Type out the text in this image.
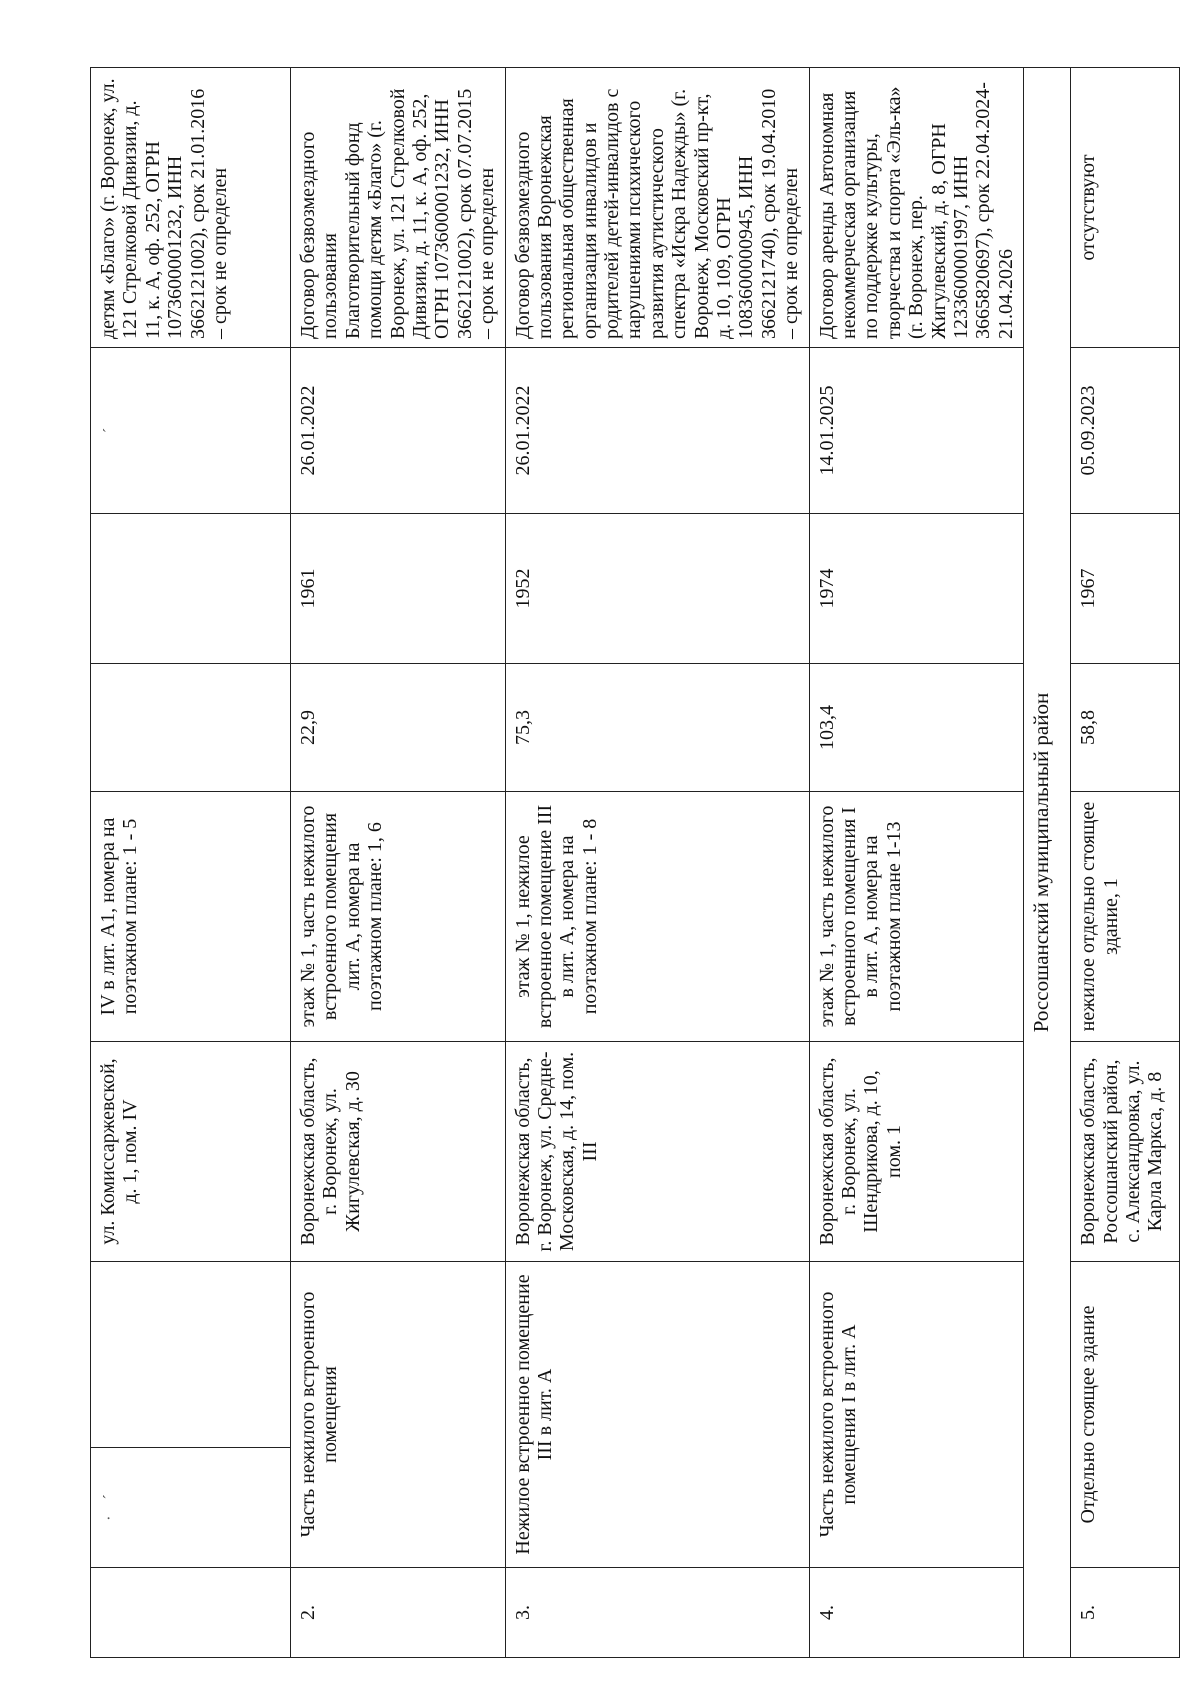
	·    ´		ул. Комиссаржевской, д. 1, пом. IV	IV в лит. А1, номера на поэтажном плане: 1 - 5			´	детям «Благо» (г. Воронеж, ул. 121 Стрелковой Дивизии, д. 11, к. А, оф. 252, ОГРН 1073600001232, ИНН 3662121002), срок 21.01.2016 – срок не определен
2.	Часть нежилого встроенного помещения		Воронежская область, г. Воронеж, ул. Жигулевская, д. 30	этаж № 1, часть нежилого встроенного помещения лит. А, номера на поэтажном плане: 1, 6	22,9	1961	26.01.2022	Договор безвозмездного пользования Благотворительный фонд помощи детям «Благо» (г. Воронеж, ул. 121 Стрелковой Дивизии, д. 11, к. А, оф. 252, ОГРН 1073600001232, ИНН 3662121002), срок 07.07.2015 – срок не определен
3.	Нежилое встроенное помещение III в лит. А		Воронежская область, г. Воронеж, ул. Средне-Московская, д. 14, пом. III	этаж № 1, нежилое встроенное помещение III в лит. А, номера на поэтажном плане: 1 - 8	75,3	1952	26.01.2022	Договор безвозмездного пользования Воронежская региональная общественная организация инвалидов и родителей детей-инвалидов с нарушениями психического развития аутистического спектра «Искра Надежды» (г. Воронеж, Московский пр-кт, д. 10, 109, ОГРН 1083600000945, ИНН 3662121740), срок 19.04.2010 – срок не определен
4.	Часть нежилого встроенного помещения I в лит. А		Воронежская область, г. Воронеж, ул. Шендрикова, д. 10, пом. 1	этаж № 1, часть нежилого встроенного помещения I в лит. А, номера на поэтажном плане 1-13	103,4	1974	14.01.2025	Договор аренды Автономная некоммерческая организация по поддержке культуры, творчества и спорта «Эль-ка» (г. Воронеж, пер. Жигулевский, д. 8, ОГРН 1233600001997, ИНН 3665820697), срок 22.04.2024-21.04.2026
Россошанский муниципальный район								
5.	Отдельно стоящее здание		Воронежская область, Россошанский район, с. Александровка, ул. Карла Маркса, д. 8	нежилое отдельно стоящее здание, 1	58,8	1967	05.09.2023	отсутствуют
